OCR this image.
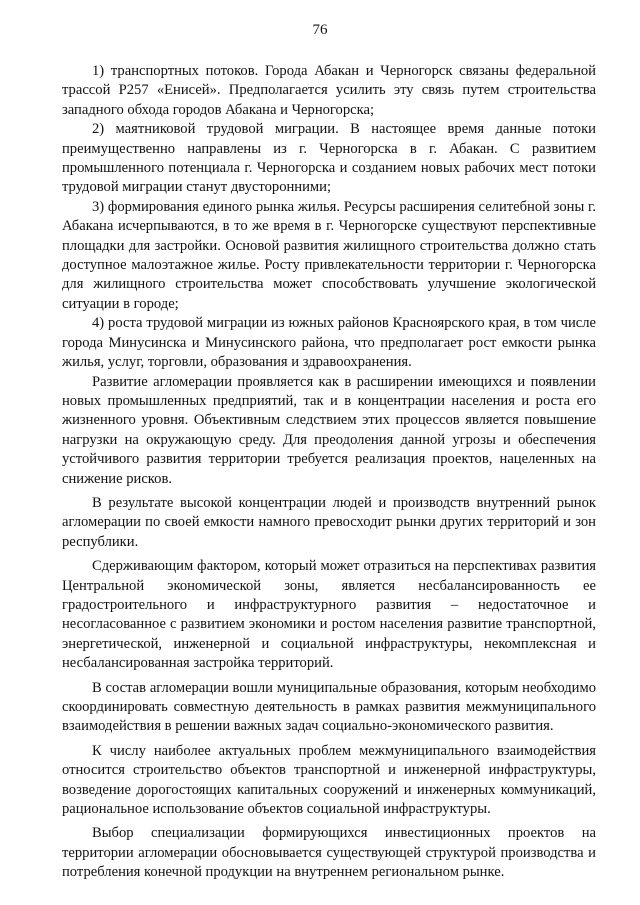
76

1) транспортных потоков. Города Абакан и Черногорск связаны федеральной трассой Р257 «Енисей». Предполагается усилить эту связь путем строительства западного обхода городов Абакана и Черногорска;

2) маятниковой трудовой миграции. В настоящее время данные потоки преимущественно направлены из г. Черногорска в г. Абакан. С развитием промышленного потенциала г. Черногорска и созданием новых рабочих мест потоки трудовой миграции станут двусторонними;

3) формирования единого рынка жилья. Ресурсы расширения селитебной зоны г. Абакана исчерпываются, в то же время в г. Черногорске существуют перспективные площадки для застройки. Основой развития жилищного строительства должно стать доступное малоэтажное жилье. Росту привлекательности территории г. Черногорска для жилищного строительства может способствовать улучшение экологической ситуации в городе;

4) роста трудовой миграции из южных районов Красноярского края, в том числе города Минусинска и Минусинского района, что предполагает рост емкости рынка жилья, услуг, торговли, образования и здравоохранения.

Развитие агломерации проявляется как в расширении имеющихся и появлении новых промышленных предприятий, так и в концентрации населения и роста его жизненного уровня. Объективным следствием этих процессов является повышение нагрузки на окружающую среду. Для преодоления данной угрозы и обеспечения устойчивого развития территории требуется реализация проектов, нацеленных на снижение рисков.

В результате высокой концентрации людей и производств внутренний рынок агломерации по своей емкости намного превосходит рынки других территорий и зон республики.

Сдерживающим фактором, который может отразиться на перспективах развития Центральной экономической зоны, является несбалансированность ее градостроительного и инфраструктурного развития – недостаточное и несогласованное с развитием экономики и ростом населения развитие транспортной, энергетической, инженерной и социальной инфраструктуры, некомплексная и несбалансированная застройка территорий.

В состав агломерации вошли муниципальные образования, которым необходимо скоординировать совместную деятельность в рамках развития межмуниципального взаимодействия в решении важных задач социально-экономического развития.

К числу наиболее актуальных проблем межмуниципального взаимодействия относится строительство объектов транспортной и инженерной инфраструктуры, возведение дорогостоящих капитальных сооружений и инженерных коммуникаций, рациональное использование объектов социальной инфраструктуры.

Выбор специализации формирующихся инвестиционных проектов на территории агломерации обосновывается существующей структурой производства и потребления конечной продукции на внутреннем региональном рынке.
